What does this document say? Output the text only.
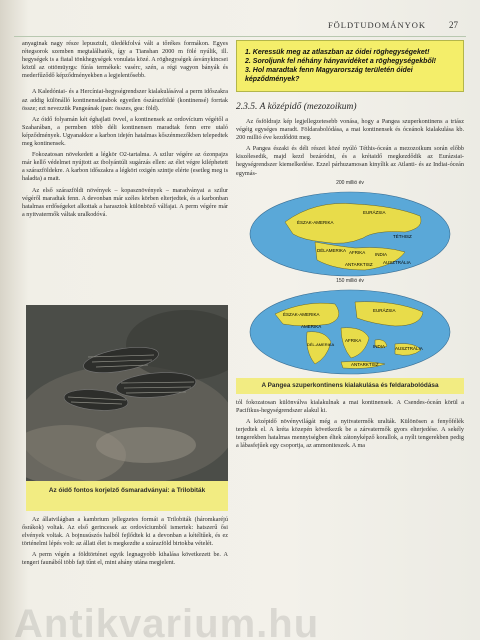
FÖLDTUDOMÁNYOK	27

anyaginak nagy része lepusztult, üledékfolvá vált a tőrékes formákon. Egyes rétegsorok szemben megtalálhatók, így a Tianshan 2000 m fölé nyúlik, ill. hegységek is a fiatal tönkhegységek vonulata közé. A röghegységek ásványkincsei közül az ottömüyrgs: fúrás termékek: vasérc, szén, a régi vagyon bányák és mederfűződő képződményekben a legjelentősebb.

A Kaledóniai- és a Hercíniai-hegységrendszer kialakulásával a perm időszakra az addig különálló kontinensdarabok egyetlen ószárazföldé (kontinensé) forrtak össze; ezt nevezzük Pangeának (pan: összes, gea: föld).

Az óidő folyamán két éghajlati övvel, a kontinensek az ordovícium végétől a Szaharában, a permben több déli kontinensen maradtak fenn erre utaló képződmények. Ugyanakkor a karbon idején hatalmas kőszénmezőkben telepedtek meg kontinensek.

Fokozatosan növekedett a légkör O2-tartalma. A szilur végére az ózonpajzs már kellő védelmet nyújtott az ibolyántúli sugárzás ellen: az élet végre kiléphetett a szárazföldekre. A karbon időszakra a légköri oxigén szintje elérte (esetleg meg is haladta) a mait.

Az első szárazföldi növények – kopasznövények – maradványai a szilur végéről maradtak fenn. A devonban már széles körben elterjedtek, és a karbonban hatalmas erdőségeket alkottak a harasztok különböző válfajai. A perm végére már a nyitvatermők váltak uralkodóvá.

Az óidő fontos korjelző ősmaradványai: a Trilobiták

Az állatvilágban a kambrium jellegzetes formái a Trilobiták (háromkaréjú ősrákok) voltak. Az első gerincesek az ordovíciumból ismertek: hatszerű ősi elvények voltak. A bojnusúszós halból fejlődtek ki a devonban a kétéltűek, és ez történelmi lépés volt: az állati élet is megkezdte a szárazföld birtokba vételét.

A perm végén a földtörténet egyik legnagyobb kihalása következett be. A tengeri faunából több fajt tűnt el, mint ahány utána megjelent.

1. Keressük meg az atlaszban az óidei röghegységeket!
2. Soroljunk fel néhány hányavidéket a röghegységekből!
3. Hol maradtak fenn Magyarország területén óidei képződmények?
2.3.5. A középidő (mezozoikum)

Az ősföldrajz kép legjellegzetesebb vonása, hogy a Pangea szuperkontinens a triász végéig egységes maradt. Földarabolódása, a mai kontinensek és óceánok kialakulása kb. 200 millió éve kezdődött meg.

A Pangea északi és déli részei közé nyúló Téthis-óceán a mezozoikum során előbb kiszélesedik, majd kezd bezáródni, és a krétaidő megkezdődik az Eurázsiai-hegységrendszer kiemelkedése. Ezzel párhuzamosan kinyílik az Atlanti- és az Indiai-óceán egymás-

200 millió év
EURÁZSIA
ÉSZAK-AMERIKA
TÉTHISZ
DÉLAMERIKA AFRIKA INDIA
AUSZTRÁLIA
ANTARKTISZ
150 millió év
EURÁZSIA
ÉSZAK-AMERIKA
AMERIKA
AFRIKA
INDIA AUSZTRÁLIA
ANTARKTISZ
DÉL-AMERIKA
A Pangea szuperkontinens kialakulása és feldarabolódása

tól fokozatosan különválva kialakulnak a mai kontinensek. A Csendes-óceán körül a Pacifikus-hegységrendszer alakul ki.

A középidő növényvilágát még a nyitvatermők uralták. Különösen a fenyőfélék terjedtek el. A kréta közepén következik be a zárvatermők gyors elterjedése. A sekély tengerekben hatalmas mennyiségben éltek zátonyképző korallok, a nyílt tengerekben pedig a lábasfejűek egy csoportja, az ammoniteszek. A ma

Antikvarium.hu
